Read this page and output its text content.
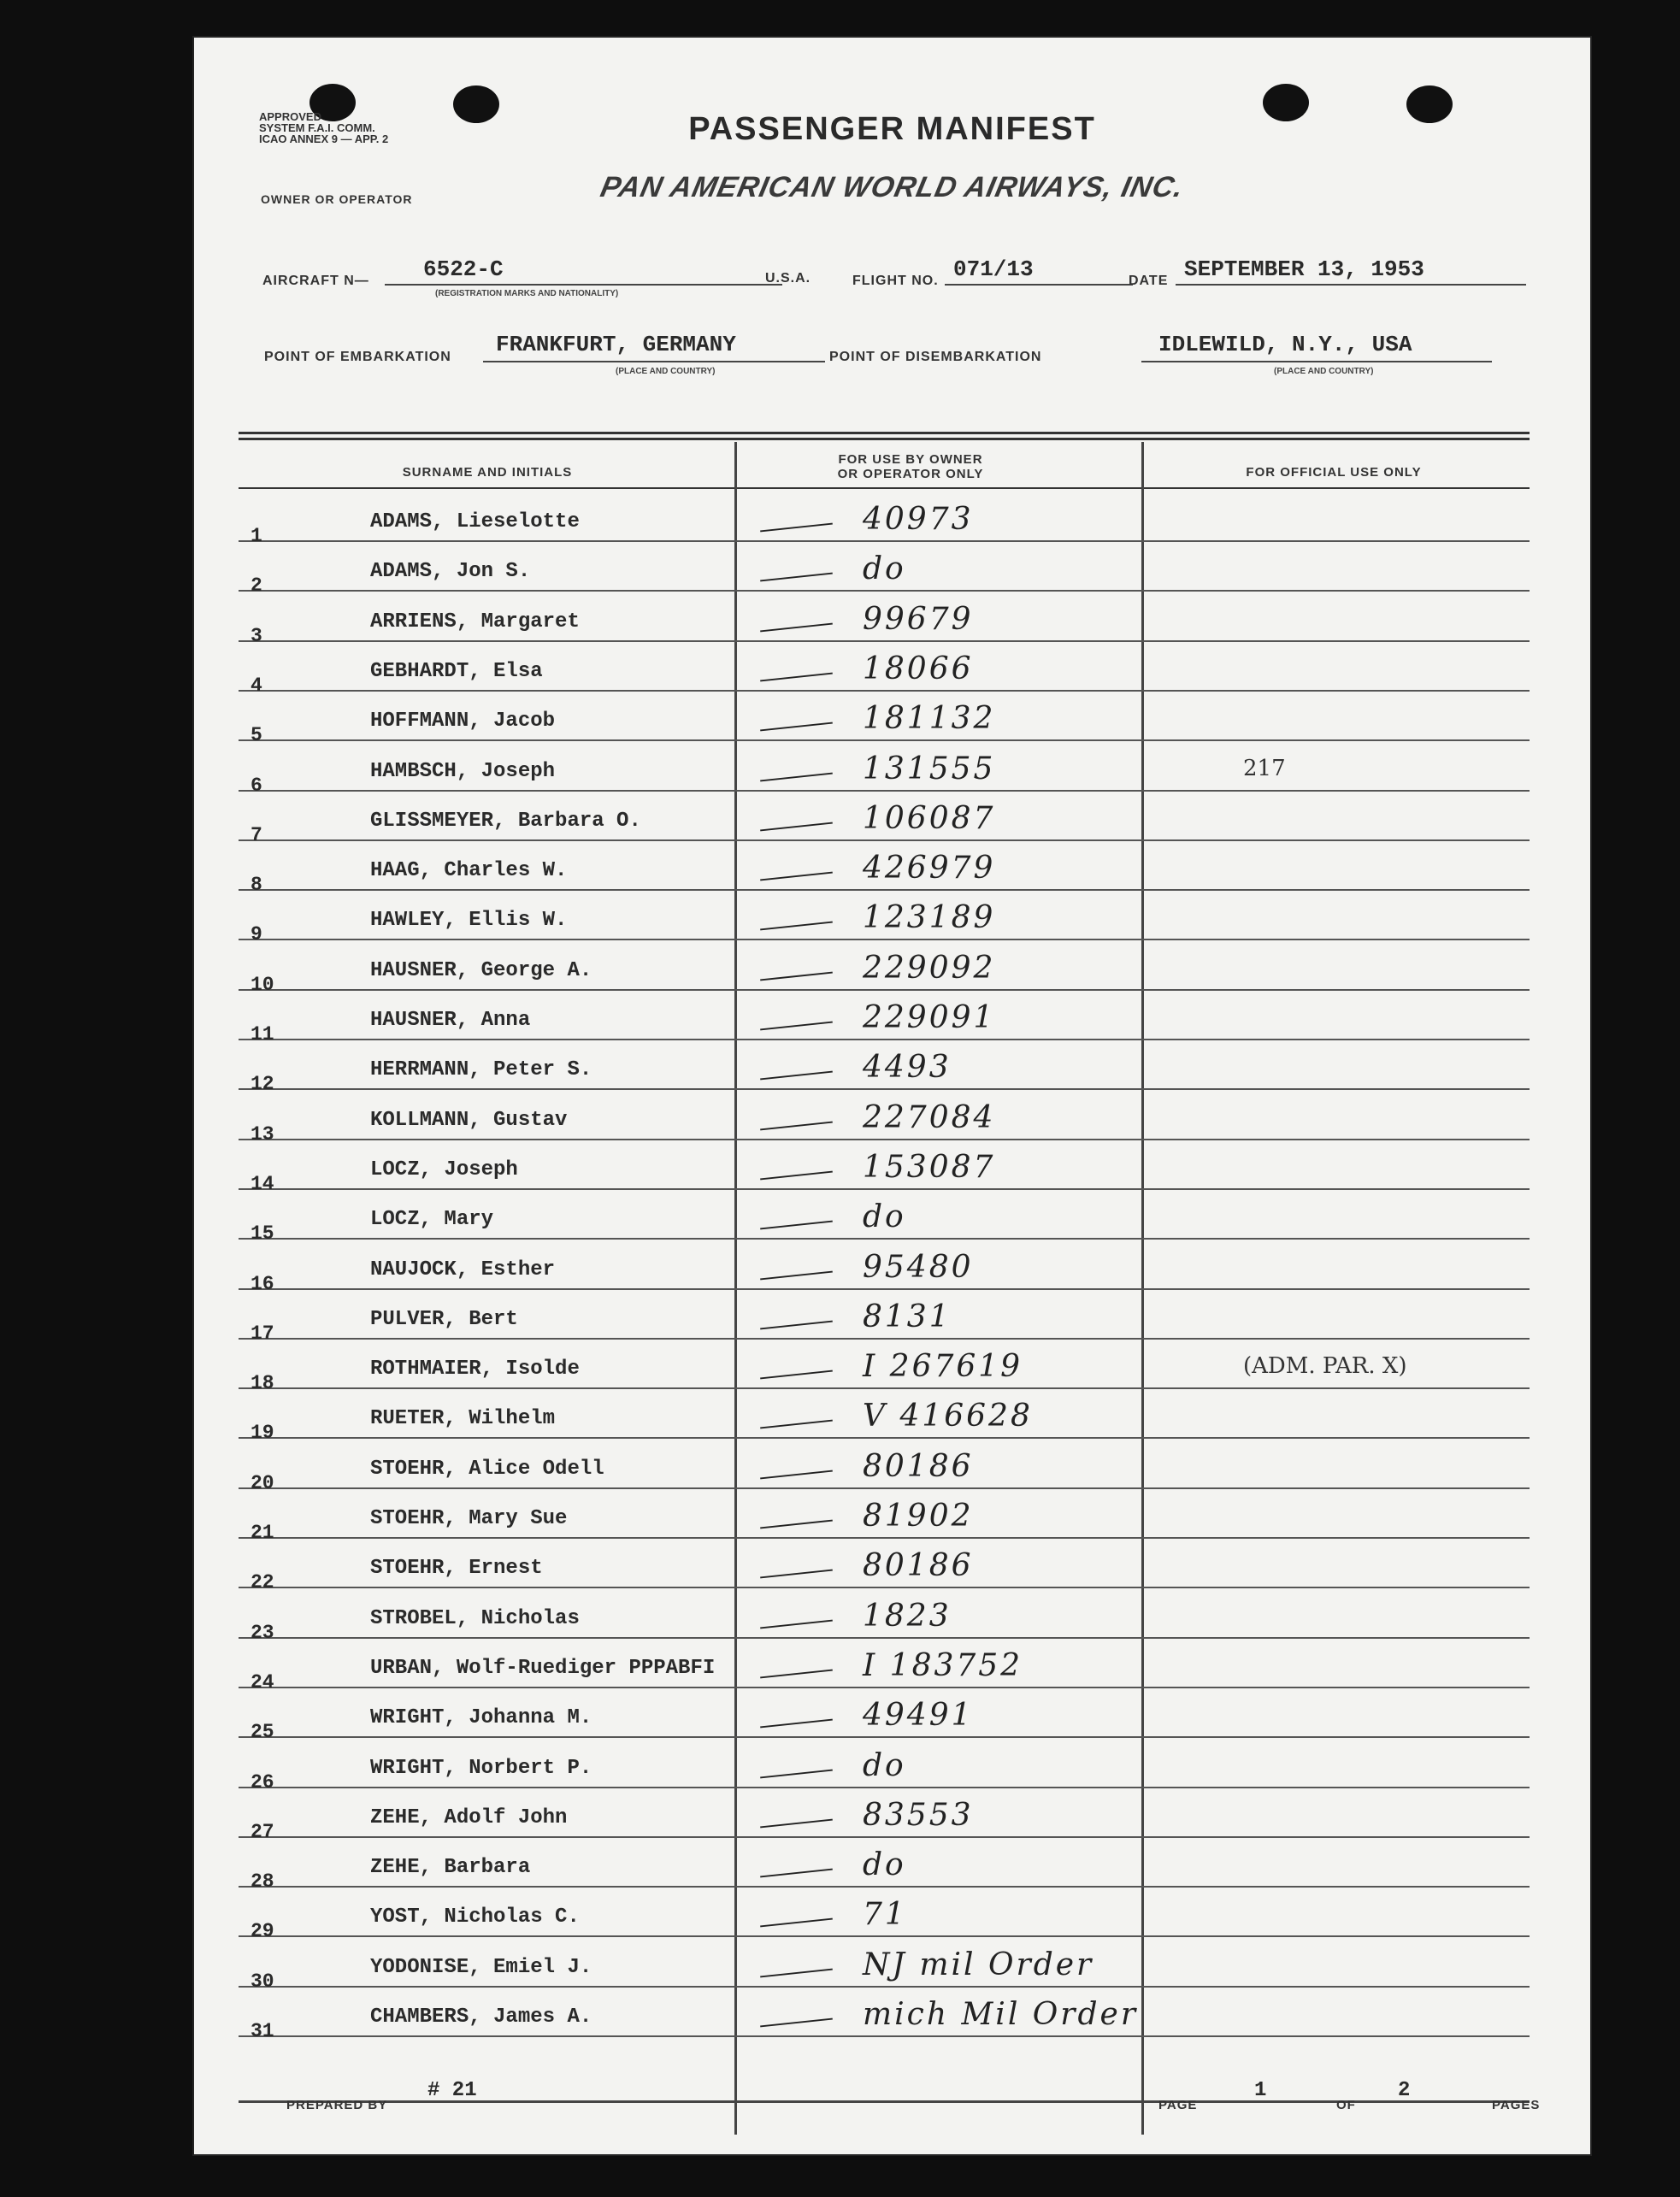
APPROVED
SYSTEM F.A.I. COMM.
ICAO ANNEX 9 — APP. 2	PASSENGER MANIFEST
OWNER OR OPERATOR	PAN AMERICAN WORLD AIRWAYS, INC.
AIRCRAFT N— 6522-C
(REGISTRATION MARKS AND NATIONALITY)
U.S.A.	FLIGHT NO. 071/13	DATE SEPTEMBER 13, 1953
POINT OF EMBARKATION FRANKFURT, GERMANY
(PLACE AND COUNTRY)
POINT OF DISEMBARKATION	IDLEWILD, N.Y., USA
(PLACE AND COUNTRY)
SURNAME AND INITIALS
FOR USE BY OWNER
OR OPERATOR ONLY	FOR OFFICIAL USE ONLY
1
ADAMS, Lieselotte	40973
2
ADAMS, Jon S.	do
3
ARRIENS, Margaret	99679
4
GEBHARDT, Elsa	18066
5
HOFFMANN, Jacob	181132
6
HAMBSCH, Joseph	131555	217
7
GLISSMEYER, Barbara O.	106087
8
HAAG, Charles W.	426979
9
HAWLEY, Ellis W.	123189
10
HAUSNER, George A.	229092
11
HAUSNER, Anna	229091
12
HERRMANN, Peter S.	4493
13
KOLLMANN, Gustav	227084
14
LOCZ, Joseph	153087
15
LOCZ, Mary	do
16
NAUJOCK, Esther	95480
17
PULVER, Bert	8131
18
ROTHMAIER, Isolde	I 267619	(ADM. PAR. X)
19
RUETER, Wilhelm	V 416628
20
STOEHR, Alice Odell	80186
21
STOEHR, Mary Sue	81902
22
STOEHR, Ernest	80186
23
STROBEL, Nicholas	1823
24
URBAN, Wolf-Ruediger PPPABFI	I 183752
25
WRIGHT, Johanna M.	49491
26
WRIGHT, Norbert P.	do
27
ZEHE, Adolf John	83553
28
ZEHE, Barbara	do
29
YOST, Nicholas C.	71
30
YODONISE, Emiel J.	NJ mil Order
31
CHAMBERS, James A.	mich Mil Order
PREPARED BY
# 21
PAGE
1
OF
2
PAGES
